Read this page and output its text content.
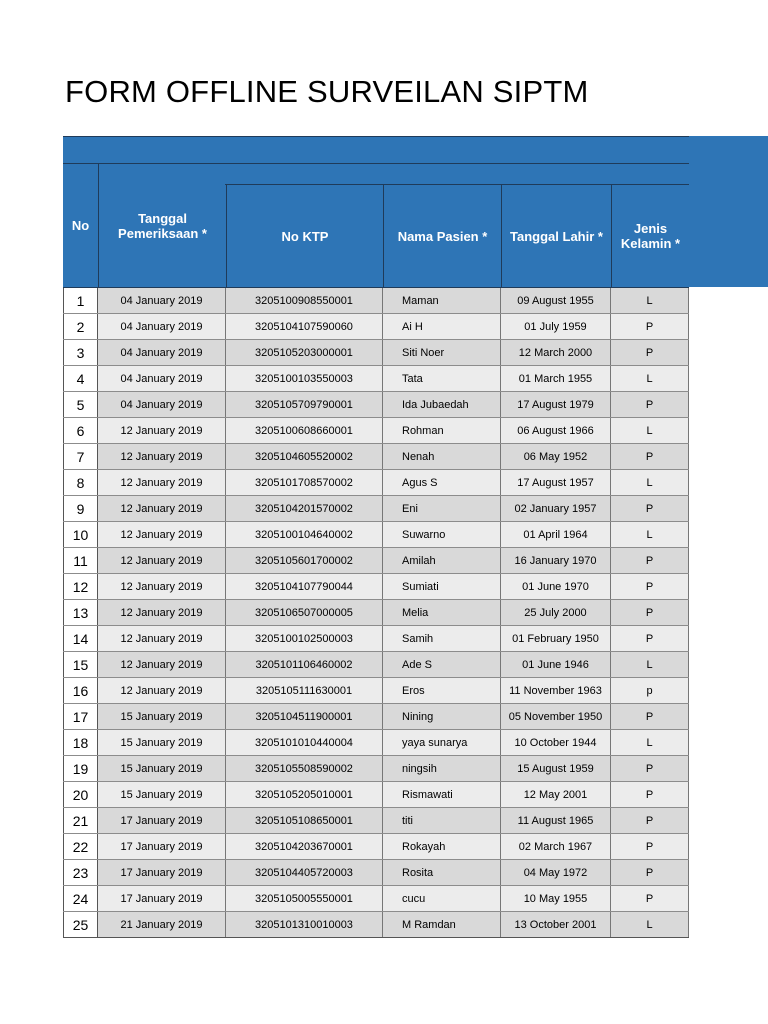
FORM OFFLINE SURVEILAN SIPTM
No	Tanggal Pemeriksaan *	No KTP	Nama Pasien *	Tanggal Lahir *	Jenis Kelamin *
1	04 January 2019	3205100908550001	Maman	09 August 1955	L
2	04 January 2019	3205104107590060	Ai H	01 July 1959	P
3	04 January 2019	3205105203000001	Siti Noer	12 March 2000	P
4	04 January 2019	3205100103550003	Tata	01 March 1955	L
5	04 January 2019	3205105709790001	Ida Jubaedah	17 August 1979	P
6	12 January 2019	3205100608660001	Rohman	06 August 1966	L
7	12 January 2019	3205104605520002	Nenah	06 May 1952	P
8	12 January 2019	3205101708570002	Agus S	17 August 1957	L
9	12 January 2019	3205104201570002	Eni	02 January 1957	P
10	12 January 2019	3205100104640002	Suwarno	01 April 1964	L
11	12 January 2019	3205105601700002	Amilah	16 January 1970	P
12	12 January 2019	3205104107790044	Sumiati	01 June 1970	P
13	12 January 2019	3205106507000005	Melia	25 July 2000	P
14	12 January 2019	3205100102500003	Samih	01 February 1950	P
15	12 January 2019	3205101106460002	Ade S	01 June 1946	L
16	12 January 2019	3205105111630001	Eros	11 November 1963	p
17	15 January 2019	3205104511900001	Nining	05 November 1950	P
18	15 January 2019	3205101010440004	yaya sunarya	10 October 1944	L
19	15 January 2019	3205105508590002	ningsih	15 August 1959	P
20	15 January 2019	3205105205010001	Rismawati	12 May 2001	P
21	17 January 2019	3205105108650001	titi	11 August 1965	P
22	17 January 2019	3205104203670001	Rokayah	02 March 1967	P
23	17 January 2019	3205104405720003	Rosita	04 May 1972	P
24	17 January 2019	3205105005550001	cucu	10 May 1955	P
25	21 January 2019	3205101310010003	M Ramdan	13 October 2001	L
